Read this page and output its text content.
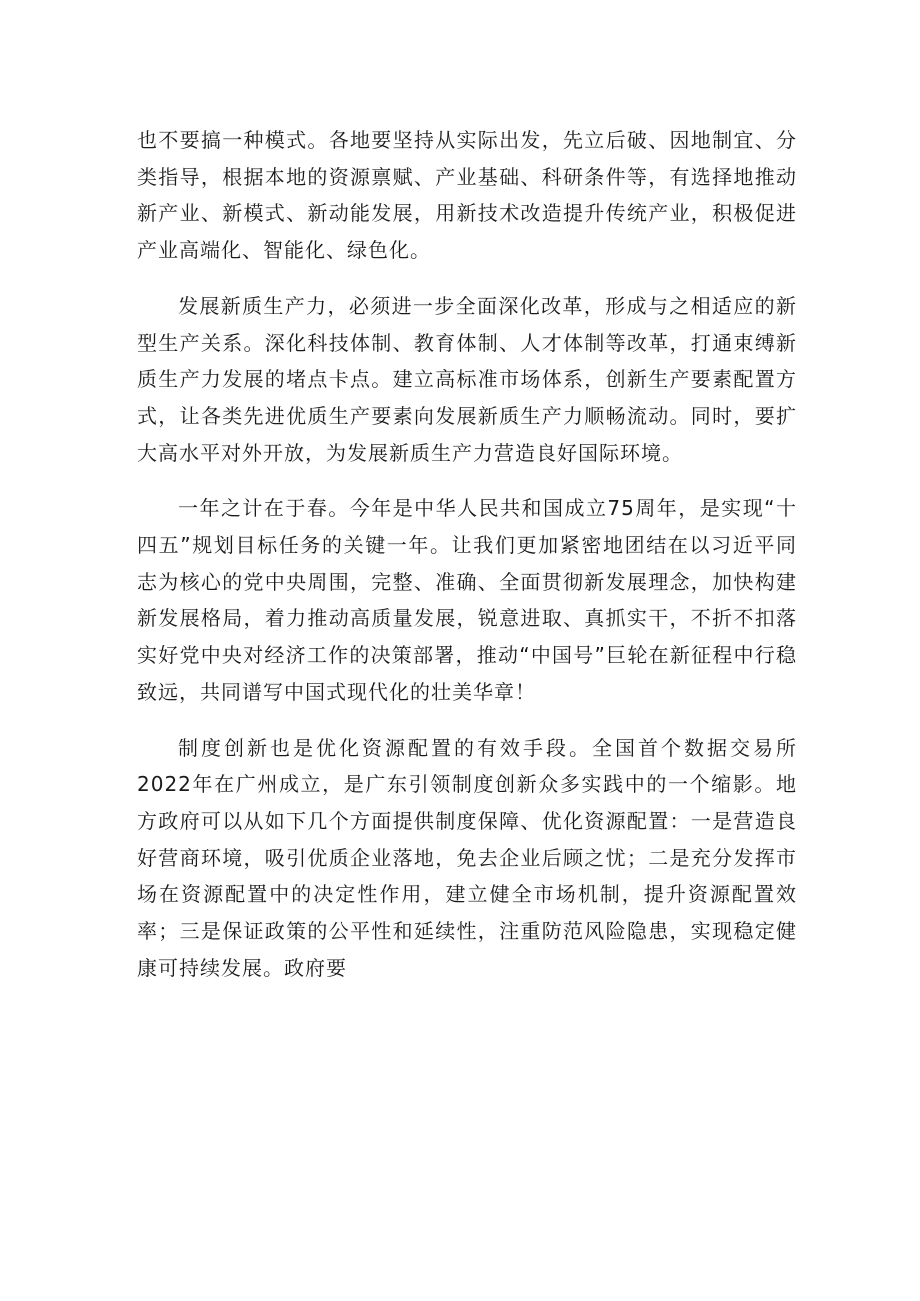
也不要搞一种模式。各地要坚持从实际出发，先立后破、因地制宜、分类指导，根据本地的资源禀赋、产业基础、科研条件等，有选择地推动新产业、新模式、新动能发展，用新技术改造提升传统产业，积极促进产业高端化、智能化、绿色化。

发展新质生产力，必须进一步全面深化改革，形成与之相适应的新型生产关系。深化科技体制、教育体制、人才体制等改革，打通束缚新质生产力发展的堵点卡点。建立高标准市场体系，创新生产要素配置方式，让各类先进优质生产要素向发展新质生产力顺畅流动。同时，要扩大高水平对外开放，为发展新质生产力营造良好国际环境。

一年之计在于春。今年是中华人民共和国成立75周年，是实现“十四五”规划目标任务的关键一年。让我们更加紧密地团结在以习近平同志为核心的党中央周围，完整、准确、全面贯彻新发展理念，加快构建新发展格局，着力推动高质量发展，锐意进取、真抓实干，不折不扣落实好党中央对经济工作的决策部署，推动“中国号”巨轮在新征程中行稳致远，共同谱写中国式现代化的壮美华章！

制度创新也是优化资源配置的有效手段。全国首个数据交易所2022年在广州成立，是广东引领制度创新众多实践中的一个缩影。地方政府可以从如下几个方面提供制度保障、优化资源配置：一是营造良好营商环境，吸引优质企业落地，免去企业后顾之忧；二是充分发挥市场在资源配置中的决定性作用，建立健全市场机制，提升资源配置效率；三是保证政策的公平性和延续性，注重防范风险隐患，实现稳定健康可持续发展。政府要
